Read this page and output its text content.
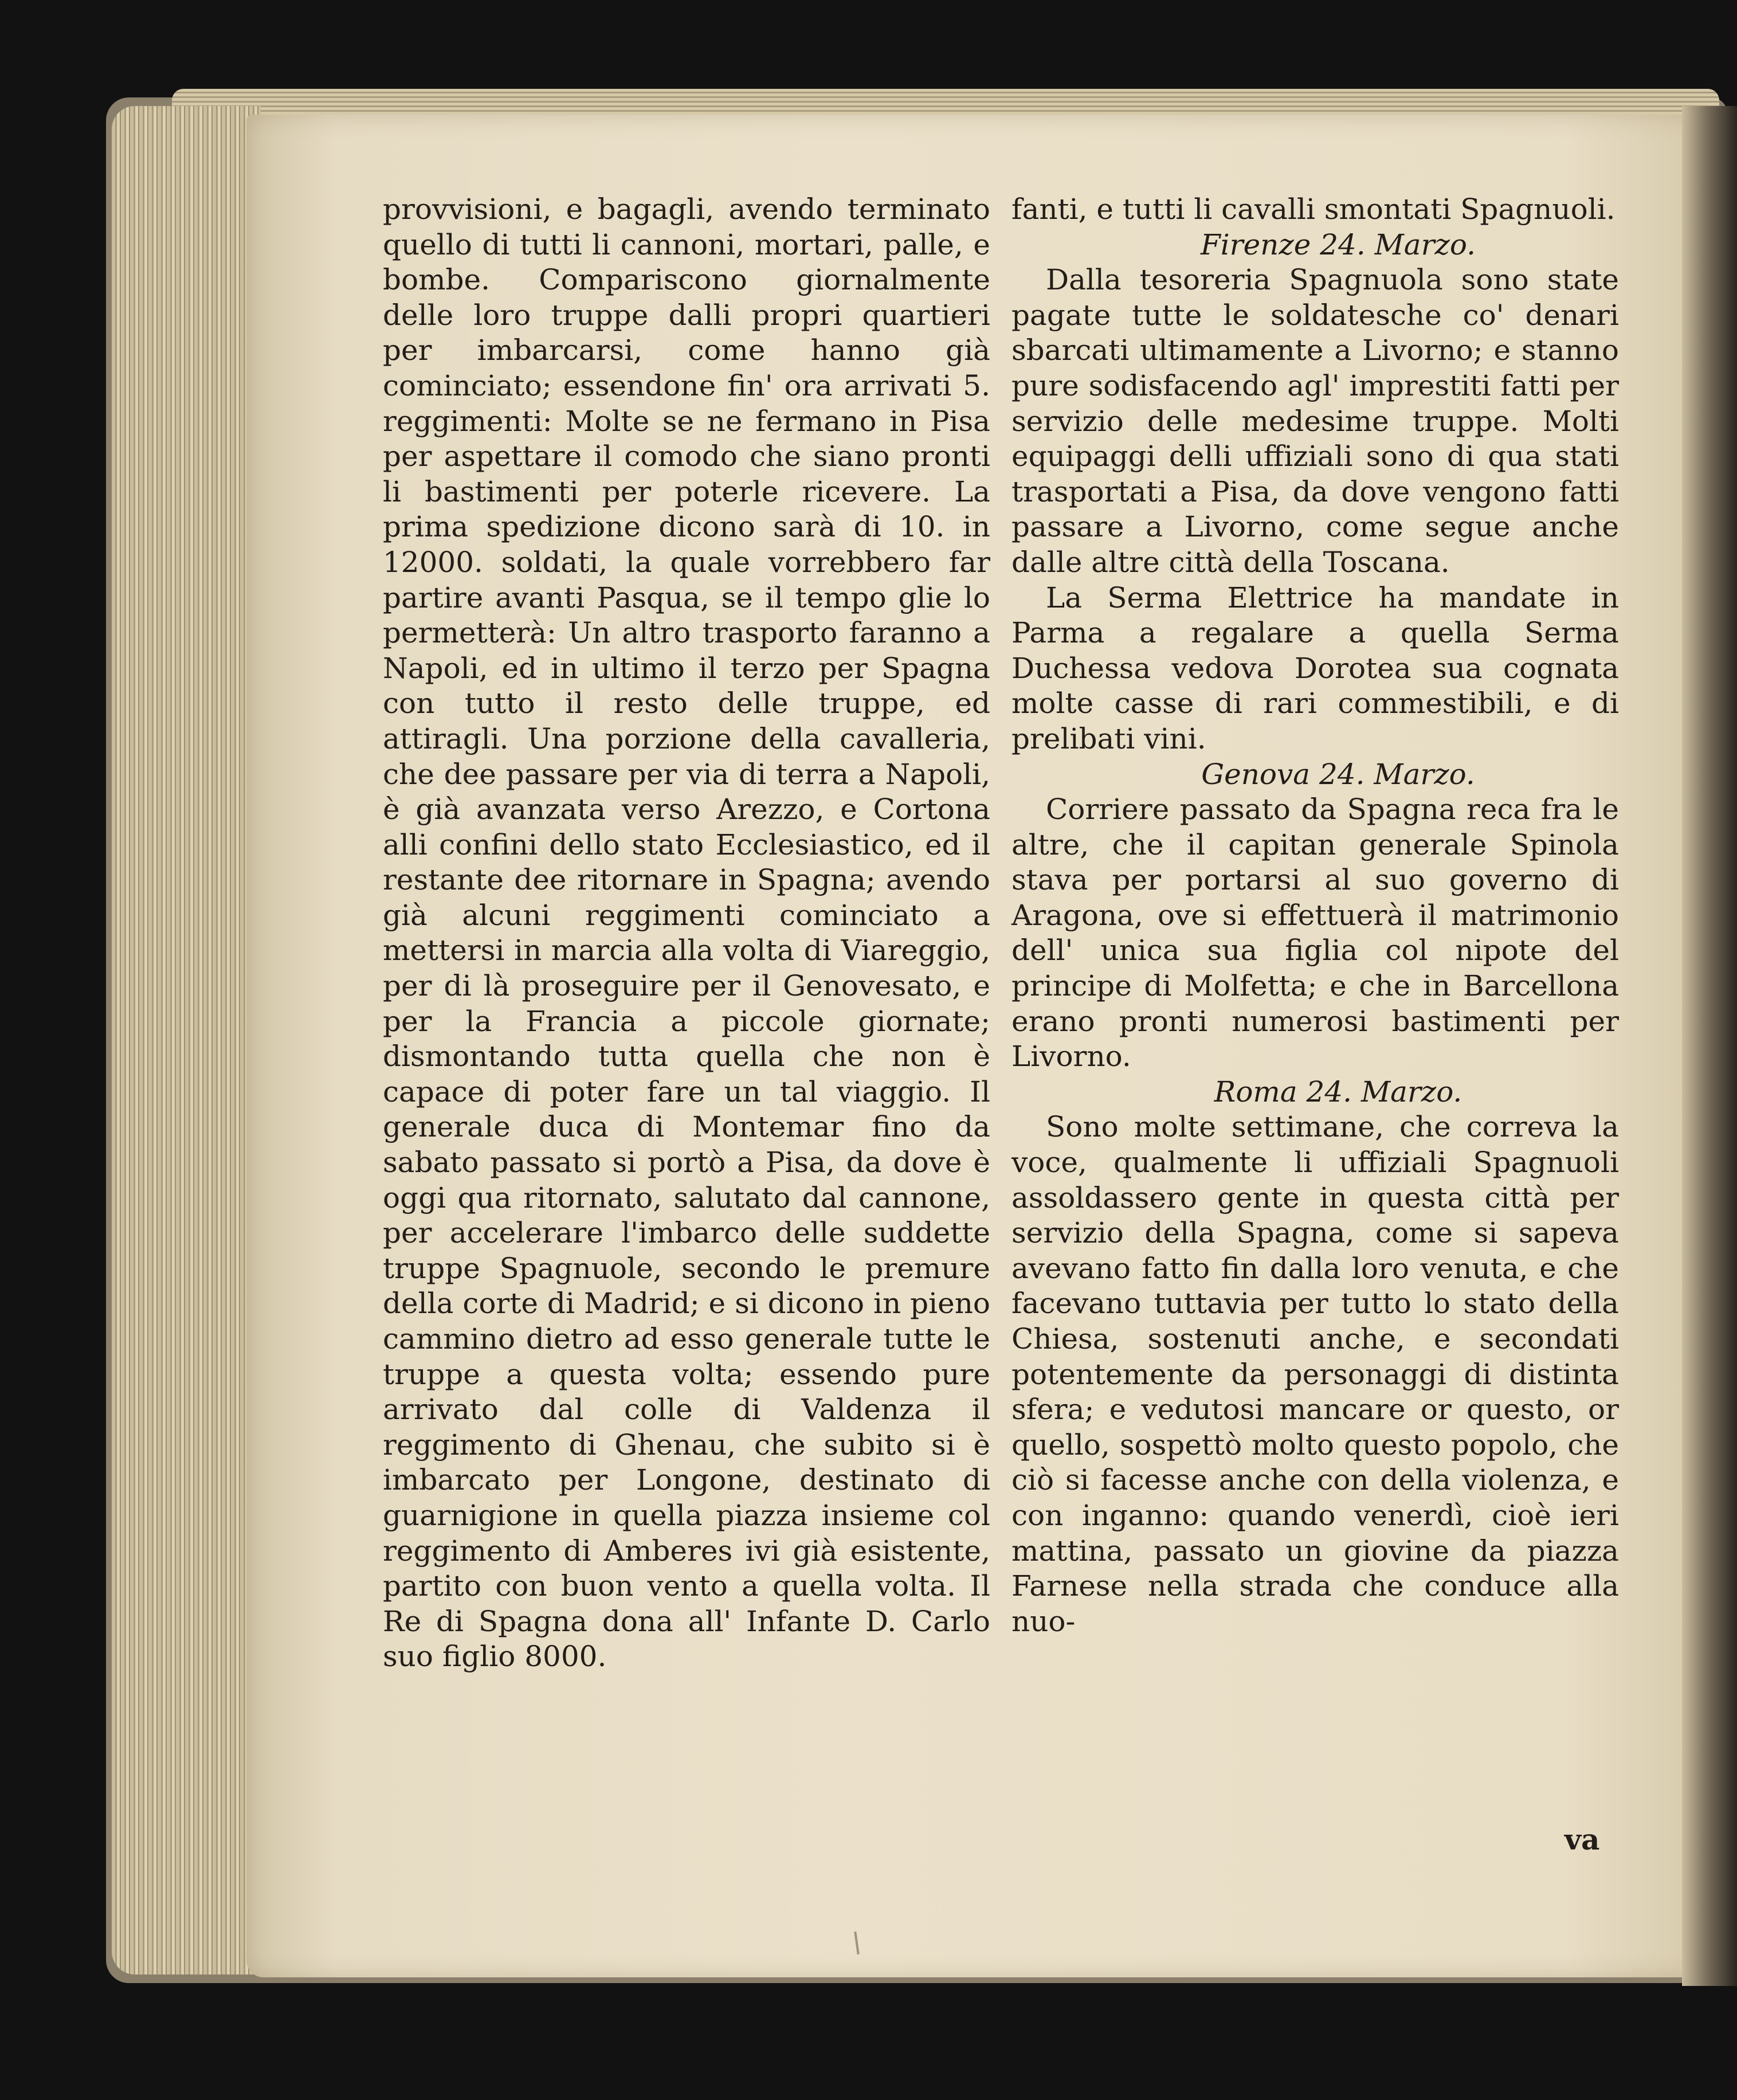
provvisioni, e bagagli, avendo terminato quello di tutti li cannoni, mortari, palle, e bombe. Compariscono giornalmente delle loro truppe dalli propri quartieri per imbarcarsi, come hanno già cominciato; essendone fin' ora arrivati 5. reggimenti: Molte se ne fermano in Pisa per aspettare il comodo che siano pronti li bastimenti per poterle ricevere. La prima spedizione dicono sarà di 10. in 12000. soldati, la quale vorrebbero far partire avanti Pasqua, se il tempo glie lo permetterà: Un altro trasporto faranno a Napoli, ed in ultimo il terzo per Spagna con tutto il resto delle truppe, ed attiragli. Una porzione della cavalleria, che dee passare per via di terra a Napoli, è già avanzata verso Arezzo, e Cortona alli confini dello stato Ecclesiastico, ed il restante dee ritornare in Spagna; avendo già alcuni reggimenti cominciato a mettersi in marcia alla volta di Viareggio, per di là proseguire per il Genovesato, e per la Francia a piccole giornate; dismontando tutta quella che non è capace di poter fare un tal viaggio. Il generale duca di Montemar fino da sabato passato si portò a Pisa, da dove è oggi qua ritornato, salutato dal cannone, per accelerare l'imbarco delle suddette truppe Spagnuole, secondo le premure della corte di Madrid; e si dicono in pieno cammino dietro ad esso generale tutte le truppe a questa volta; essendo pure arrivato dal colle di Valdenza il reggimento di Ghenau, che subito si è imbarcato per Longone, destinato di guarnigione in quella piazza insieme col reggimento di Amberes ivi già esistente, partito con buon vento a quella volta. Il Re di Spagna dona all' Infante D. Carlo suo figlio 8000.

fanti, e tutti li cavalli smontati Spagnuoli.

Firenze 24. Marzo.

Dalla tesoreria Spagnuola sono state pagate tutte le soldatesche co' denari sbarcati ultimamente a Livorno; e stanno pure sodisfacendo agl' imprestiti fatti per servizio delle medesime truppe. Molti equipaggi delli uffiziali sono di qua stati trasportati a Pisa, da dove vengono fatti passare a Livorno, come segue anche dalle altre città della Toscana.

La Serma Elettrice ha mandate in Parma a regalare a quella Serma Duchessa vedova Dorotea sua cognata molte casse di rari commestibili, e di prelibati vini.

Genova 24. Marzo.

Corriere passato da Spagna reca fra le altre, che il capitan generale Spinola stava per portarsi al suo governo di Aragona, ove si effettuerà il matrimonio dell' unica sua figlia col nipote del principe di Molfetta; e che in Barcellona erano pronti numerosi bastimenti per Livorno.

Roma 24. Marzo.

Sono molte settimane, che correva la voce, qualmente li uffiziali Spagnuoli assoldassero gente in questa città per servizio della Spagna, come si sapeva avevano fatto fin dalla loro venuta, e che facevano tuttavia per tutto lo stato della Chiesa, sostenuti anche, e secondati potentemente da personaggi di distinta sfera; e vedutosi mancare or questo, or quello, sospettò molto questo popolo, che ciò si facesse anche con della violenza, e con inganno: quando venerdì, cioè ieri mattina, passato un giovine da piazza Farnese nella strada che conduce alla nuo-

va
